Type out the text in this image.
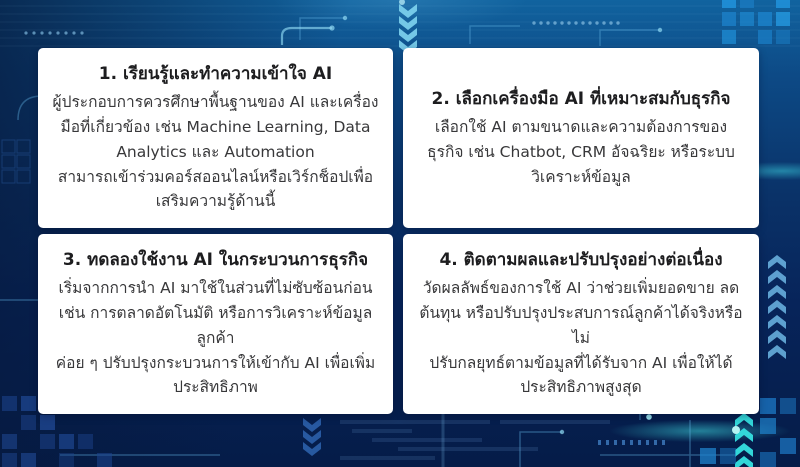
1. เรียนรู้และทำความเข้าใจ AI

ผู้ประกอบการควรศึกษาพื้นฐานของ AI และเครื่องมือที่เกี่ยวข้อง เช่น Machine Learning, Data Analytics และ Automation

สามารถเข้าร่วมคอร์สออนไลน์หรือเวิร์กช็อปเพื่อเสริมความรู้ด้านนี้

2. เลือกเครื่องมือ AI ที่เหมาะสมกับธุรกิจ

เลือกใช้ AI ตามขนาดและความต้องการของธุรกิจ เช่น Chatbot, CRM อัจฉริยะ หรือระบบวิเคราะห์ข้อมูล

3. ทดลองใช้งาน AI ในกระบวนการธุรกิจ

เริ่มจากการนำ AI มาใช้ในส่วนที่ไม่ซับซ้อนก่อน เช่น การตลาดอัตโนมัติ หรือการวิเคราะห์ข้อมูลลูกค้า

ค่อย ๆ ปรับปรุงกระบวนการให้เข้ากับ AI เพื่อเพิ่มประสิทธิภาพ

4. ติดตามผลและปรับปรุงอย่างต่อเนื่อง

วัดผลลัพธ์ของการใช้ AI ว่าช่วยเพิ่มยอดขาย ลดต้นทุน หรือปรับปรุงประสบการณ์ลูกค้าได้จริงหรือไม่

ปรับกลยุทธ์ตามข้อมูลที่ได้รับจาก AI เพื่อให้ได้ประสิทธิภาพสูงสุด
